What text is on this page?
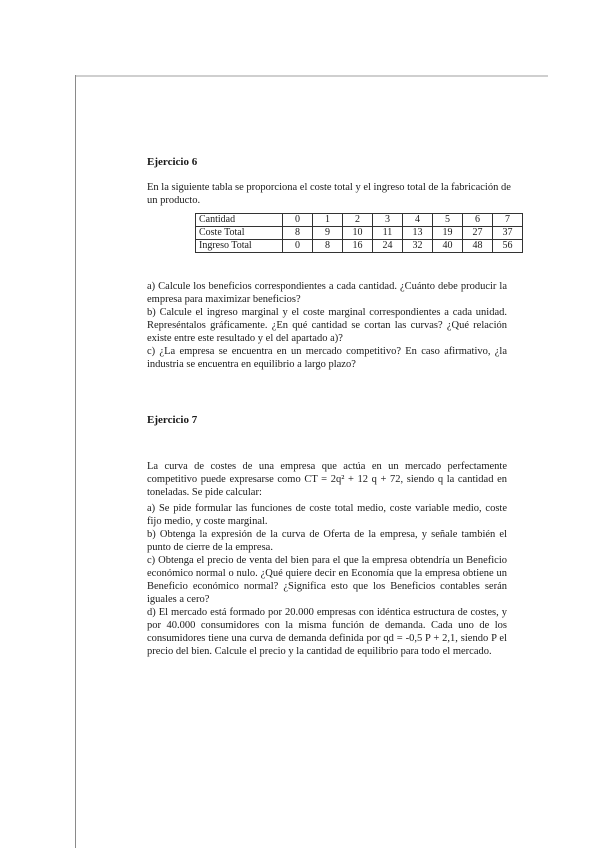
Ejercicio 6
En la siguiente tabla se proporciona el coste total y el ingreso total de la fabricación de un producto.
Cantidad	0	1	2	3	4	5	6	7
Coste Total	8	9	10	11	13	19	27	37
Ingreso Total	0	8	16	24	32	40	48	56

a) Calcule los beneficios correspondientes a cada cantidad. ¿Cuánto debe producir la empresa para maximizar beneficios?

b) Calcule el ingreso marginal y el coste marginal correspondientes a cada unidad. Represéntalos gráficamente. ¿En qué cantidad se cortan las curvas? ¿Qué relación existe entre este resultado y el del apartado a)?

c) ¿La empresa se encuentra en un mercado competitivo? En caso afirmativo, ¿la industria se encuentra en equilibrio a largo plazo?

Ejercicio 7
La curva de costes de una empresa que actúa en un mercado perfectamente competitivo puede expresarse como CT = 2q² + 12 q + 72, siendo q la cantidad en toneladas. Se pide calcular:

a) Se pide formular las funciones de coste total medio, coste variable medio, coste fijo medio, y coste marginal.

b) Obtenga la expresión de la curva de Oferta de la empresa, y señale también el punto de cierre de la empresa.

c) Obtenga el precio de venta del bien para el que la empresa obtendría un Beneficio económico normal o nulo. ¿Qué quiere decir en Economía que la empresa obtiene un Beneficio económico normal? ¿Significa esto que los Beneficios contables serán iguales a cero?

d) El mercado está formado por 20.000 empresas con idéntica estructura de costes, y por 40.000 consumidores con la misma función de demanda. Cada uno de los consumidores tiene una curva de demanda definida por qd = -0,5 P + 2,1, siendo P el precio del bien. Calcule el precio y la cantidad de equilibrio para todo el mercado.
